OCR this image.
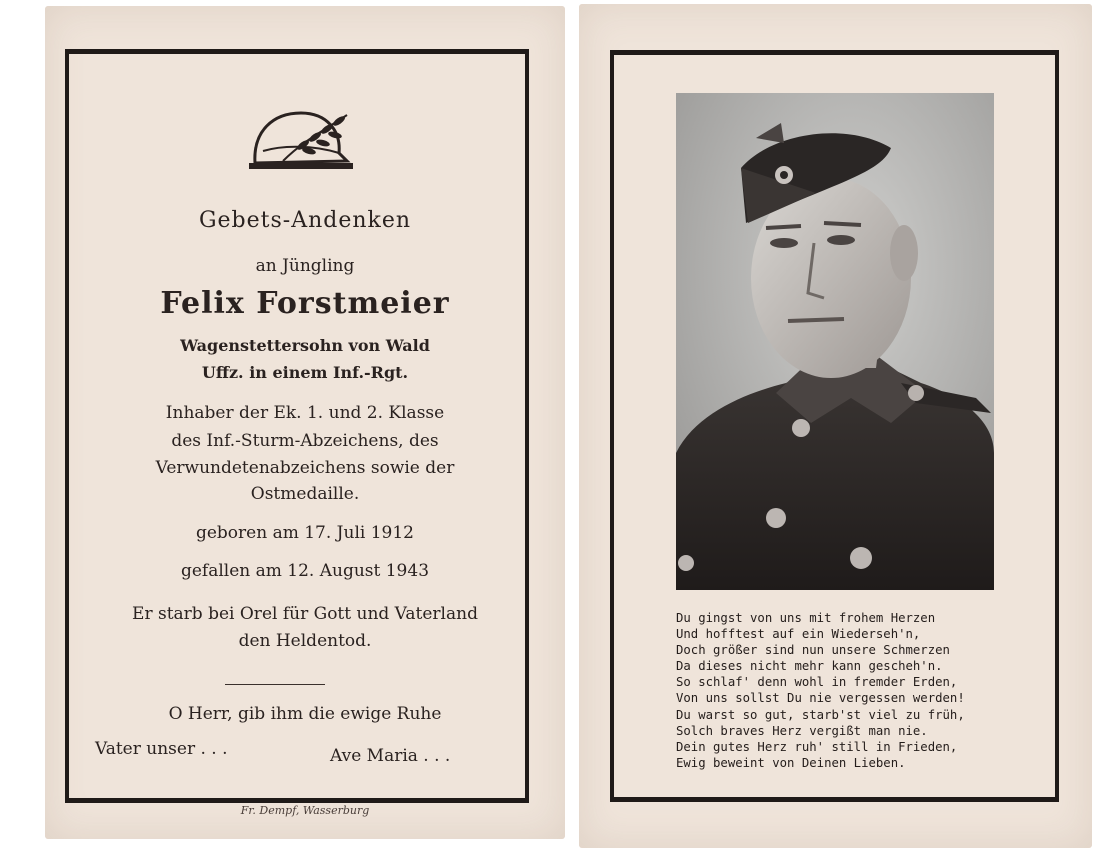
Gebets-Andenken
an Jüngling
Felix Forstmeier
Wagenstettersohn von Wald
Uffz. in einem Inf.-Rgt.
Inhaber der Ek. 1. und 2. Klasse
des Inf.-Sturm-Abzeichens, des
Verwundetenabzeichens sowie der
Ostmedaille.
geboren am 17. Juli 1912
gefallen am 12. August 1943
Er starb bei Orel für Gott und Vaterland
den Heldentod.
O Herr, gib ihm die ewige Ruhe
Vater unser . . .	Ave Maria . . .
Fr. Dempf, Wasserburg
Du gingst von uns mit frohem Herzen
Und hofftest auf ein Wiederseh'n,
Doch größer sind nun unsere Schmerzen
Da dieses nicht mehr kann gescheh'n.
So schlaf' denn wohl in fremder Erden,
Von uns sollst Du nie vergessen werden!
Du warst so gut, starb'st viel zu früh,
Solch braves Herz vergißt man nie.
Dein gutes Herz ruh' still in Frieden,
Ewig beweint von Deinen Lieben.
